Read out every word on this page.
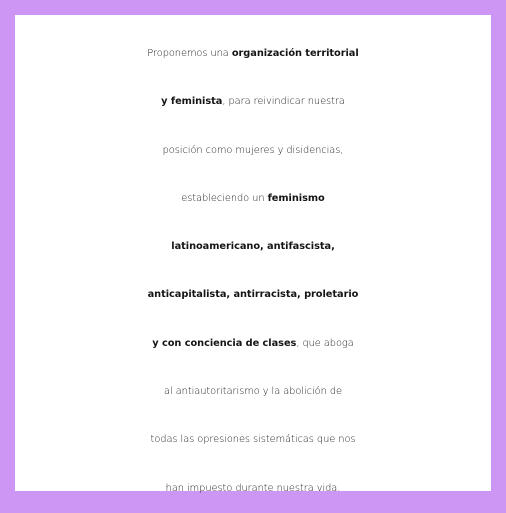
Proponemos una organización territorial
y feminista, para reivindicar nuestra
posición como mujeres y disidencias,
estableciendo un feminismo
latinoamericano, antifascista,
anticapitalista, antirracista, proletario
y con conciencia de clases, que aboga
al antiautoritarismo y la abolición de
todas las opresiones sistemáticas que nos
han impuesto durante nuestra vida.
